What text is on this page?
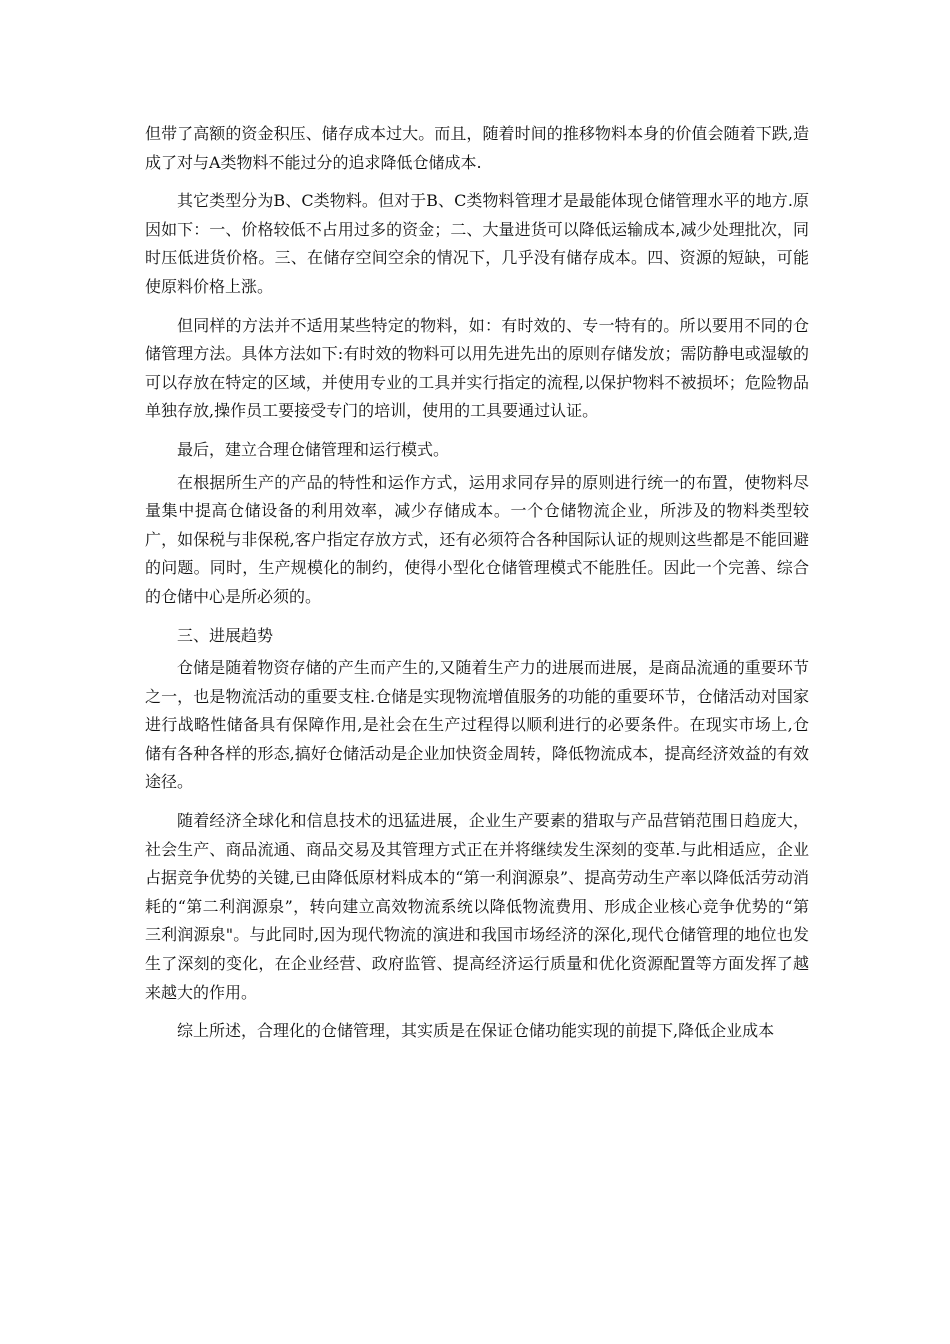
但带了高额的资金积压、储存成本过大。而且，随着时间的推移物料本身的价值会随着下跌,造成了对与A类物料不能过分的追求降低仓储成本.

其它类型分为B、C类物料。但对于B、C类物料管理才是最能体现仓储管理水平的地方.原因如下：一、价格较低不占用过多的资金；二、大量进货可以降低运输成本,减少处理批次，同时压低进货价格。三、在储存空间空余的情况下，几乎没有储存成本。四、资源的短缺，可能使原料价格上涨。

但同样的方法并不适用某些特定的物料，如：有时效的、专一特有的。所以要用不同的仓储管理方法。具体方法如下:有时效的物料可以用先进先出的原则存储发放；需防静电或湿敏的可以存放在特定的区域，并使用专业的工具并实行指定的流程,以保护物料不被损坏；危险物品单独存放,操作员工要接受专门的培训，使用的工具要通过认证。

最后，建立合理仓储管理和运行模式。

在根据所生产的产品的特性和运作方式，运用求同存异的原则进行统一的布置，使物料尽量集中提高仓储设备的利用效率，减少存储成本。一个仓储物流企业，所涉及的物料类型较广，如保税与非保税,客户指定存放方式，还有必须符合各种国际认证的规则这些都是不能回避的问题。同时，生产规模化的制约，使得小型化仓储管理模式不能胜任。因此一个完善、综合的仓储中心是所必须的。

三、进展趋势

仓储是随着物资存储的产生而产生的,又随着生产力的进展而进展，是商品流通的重要环节之一，也是物流活动的重要支柱.仓储是实现物流增值服务的功能的重要环节，仓储活动对国家进行战略性储备具有保障作用,是社会在生产过程得以顺利进行的必要条件。在现实市场上,仓储有各种各样的形态,搞好仓储活动是企业加快资金周转，降低物流成本，提高经济效益的有效途径。

随着经济全球化和信息技术的迅猛进展，企业生产要素的猎取与产品营销范围日趋庞大，社会生产、商品流通、商品交易及其管理方式正在并将继续发生深刻的变革.与此相适应，企业占据竞争优势的关键,已由降低原材料成本的“第一利润源泉”、提高劳动生产率以降低活劳动消耗的“第二利润源泉”，转向建立高效物流系统以降低物流费用、形成企业核心竞争优势的“第三利润源泉"。与此同时,因为现代物流的演进和我国市场经济的深化,现代仓储管理的地位也发生了深刻的变化，在企业经营、政府监管、提高经济运行质量和优化资源配置等方面发挥了越来越大的作用。

综上所述，合理化的仓储管理，其实质是在保证仓储功能实现的前提下,降低企业成本
